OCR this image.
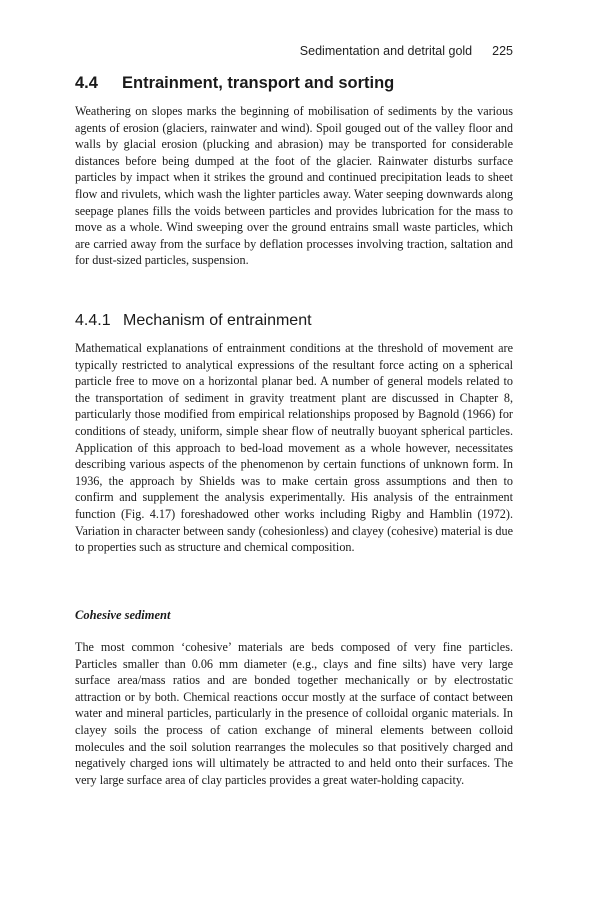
Sedimentation and detrital gold 225
4.4 Entrainment, transport and sorting

Weathering on slopes marks the beginning of mobilisation of sediments by the various agents of erosion (glaciers, rainwater and wind). Spoil gouged out of the valley floor and walls by glacial erosion (plucking and abrasion) may be transported for considerable distances before being dumped at the foot of the glacier. Rainwater disturbs surface particles by impact when it strikes the ground and continued precipitation leads to sheet flow and rivulets, which wash the lighter particles away. Water seeping downwards along seepage planes fills the voids between particles and provides lubrication for the mass to move as a whole. Wind sweeping over the ground entrains small waste particles, which are carried away from the surface by deflation processes involving traction, saltation and for dust-sized particles, suspension.

4.4.1 Mechanism of entrainment

Mathematical explanations of entrainment conditions at the threshold of movement are typically restricted to analytical expressions of the resultant force acting on a spherical particle free to move on a horizontal planar bed. A number of general models related to the transportation of sediment in gravity treatment plant are discussed in Chapter 8, particularly those modified from empirical relationships proposed by Bagnold (1966) for conditions of steady, uniform, simple shear flow of neutrally buoyant spherical particles. Application of this approach to bed-load movement as a whole however, necessitates describing various aspects of the phenomenon by certain functions of unknown form. In 1936, the approach by Shields was to make certain gross assumptions and then to confirm and supplement the analysis experimentally. His analysis of the entrainment function (Fig. 4.17) foreshadowed other works including Rigby and Hamblin (1972). Variation in character between sandy (cohesionless) and clayey (cohesive) material is due to properties such as structure and chemical composition.

Cohesive sediment

The most common ‘cohesive’ materials are beds composed of very fine particles. Particles smaller than 0.06 mm diameter (e.g., clays and fine silts) have very large surface area/mass ratios and are bonded together mechanically or by electrostatic attraction or by both. Chemical reactions occur mostly at the surface of contact between water and mineral particles, particularly in the presence of colloidal organic materials. In clayey soils the process of cation exchange of mineral elements between colloid molecules and the soil solution rearranges the molecules so that positively charged and negatively charged ions will ultimately be attracted to and held onto their surfaces. The very large surface area of clay particles provides a great water-holding capacity.
